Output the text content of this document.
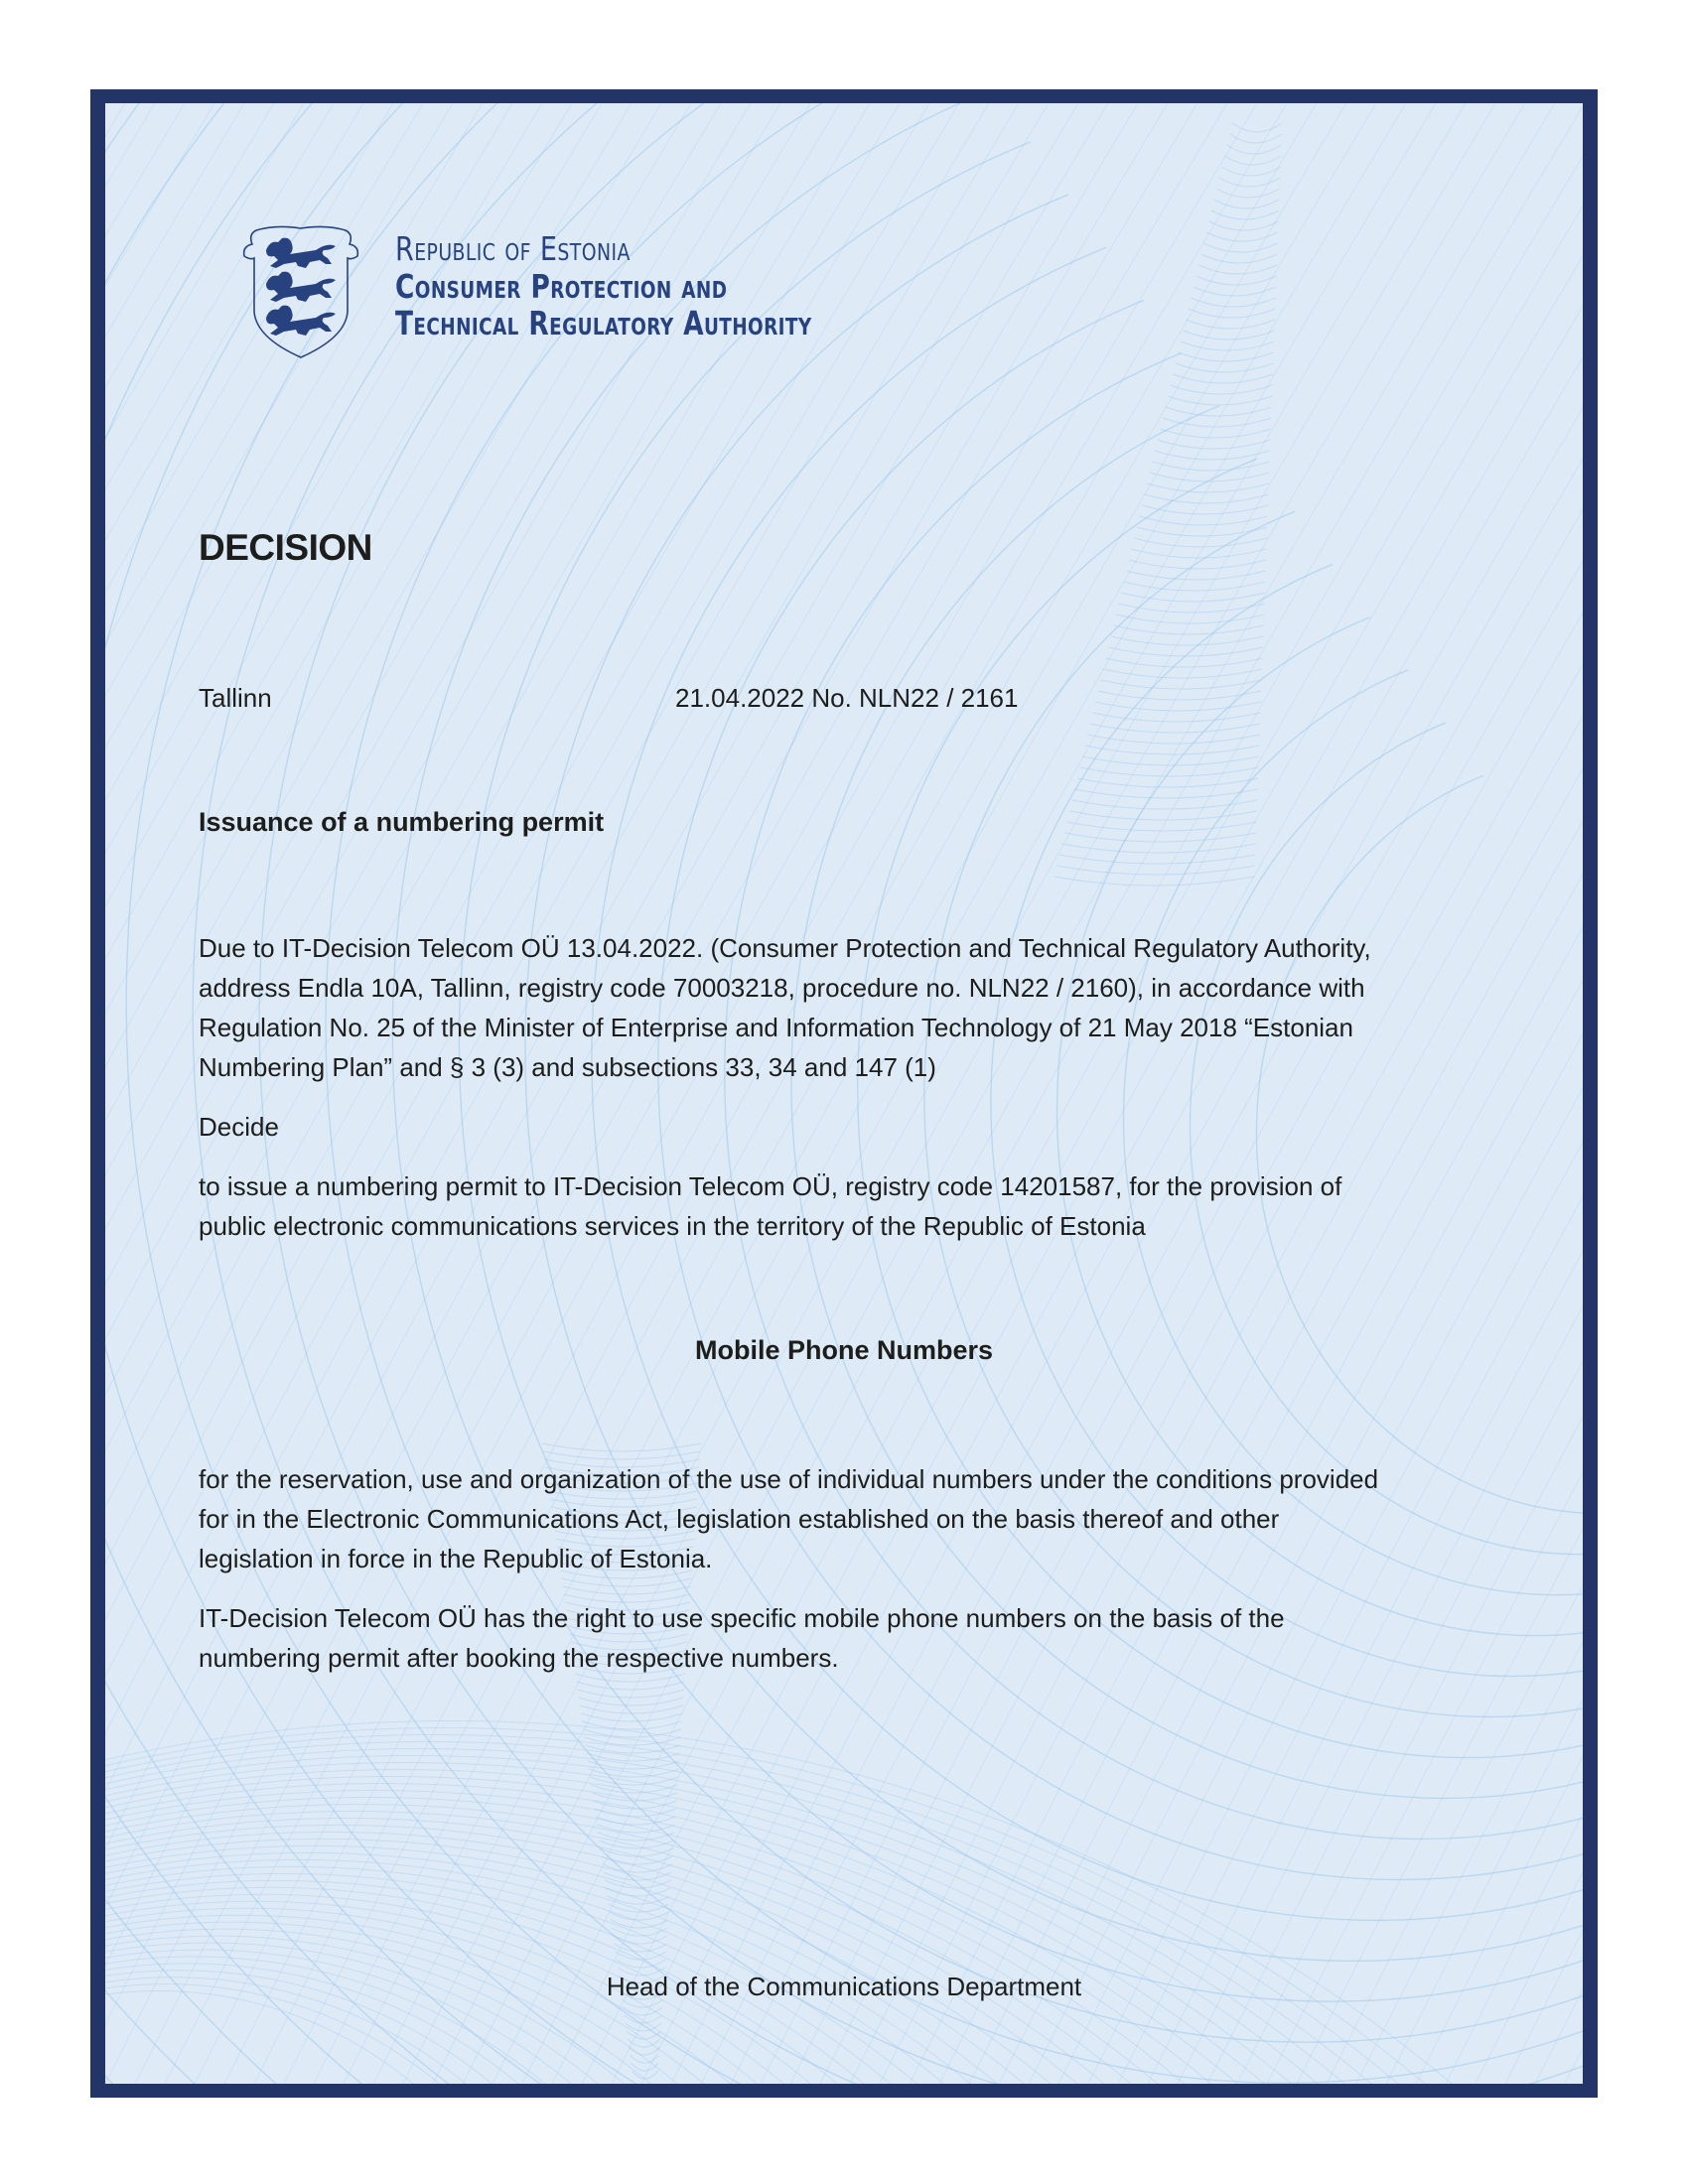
Republic of Estonia
Consumer Protection and
Technical Regulatory Authority
DECISION
Tallinn	21.04.2022 No. NLN22 / 2161
Issuance of a numbering permit

Due to IT-Decision Telecom OÜ 13.04.2022. (Consumer Protection and Technical Regulatory Authority,

address Endla 10A, Tallinn, registry code 70003218, procedure no. NLN22 / 2160), in accordance with

Regulation No. 25 of the Minister of Enterprise and Information Technology of 21 May 2018 “Estonian

Numbering Plan” and § 3 (3) and subsections 33, 34 and 147 (1)

Decide

to issue a numbering permit to IT-Decision Telecom OÜ, registry code 14201587, for the provision of

public electronic communications services in the territory of the Republic of Estonia

Mobile Phone Numbers

for the reservation, use and organization of the use of individual numbers under the conditions provided

for in the Electronic Communications Act, legislation established on the basis thereof and other

legislation in force in the Republic of Estonia.

IT-Decision Telecom OÜ has the right to use specific mobile phone numbers on the basis of the

numbering permit after booking the respective numbers.

Head of the Communications Department
